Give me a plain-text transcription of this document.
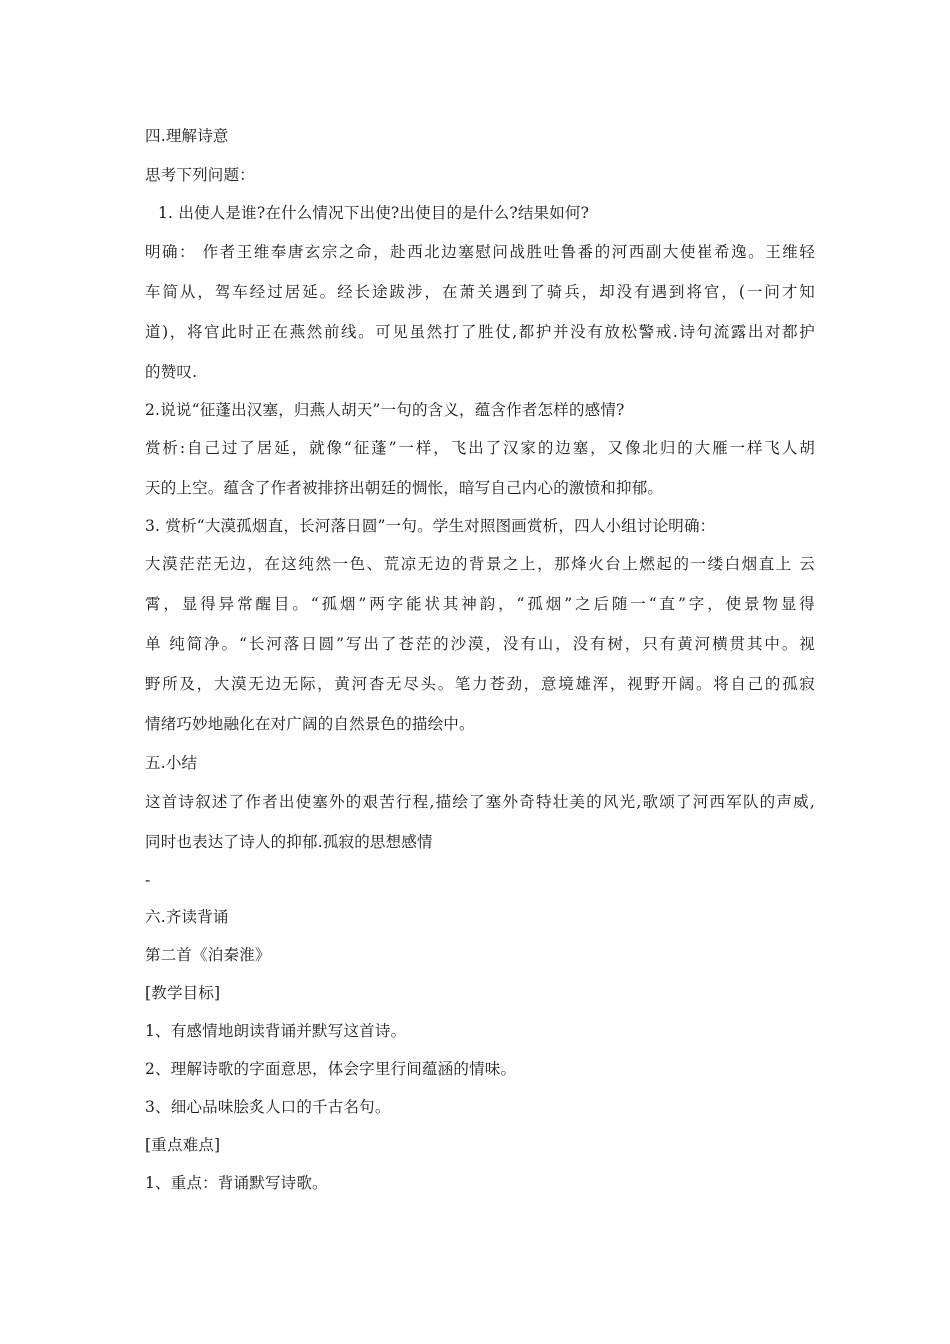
四.理解诗意
思考下列问题：
1. 出使人是谁?在什么情况下出使?出使目的是什么?结果如何?
明确： 作者王维奉唐玄宗之命，赴西北边塞慰问战胜吐鲁番的河西副大使崔希逸。王维轻
车简从，驾车经过居延。经长途跋涉，在萧关遇到了骑兵，却没有遇到将官，(一问才知
道)，将官此时正在燕然前线。可见虽然打了胜仗,都护并没有放松警戒.诗句流露出对都护
的赞叹.
2.说说“征蓬出汉塞，归燕人胡天”一句的含义，蕴含作者怎样的感情?
赏析:自己过了居延，就像“征蓬”一样，飞出了汉家的边塞，又像北归的大雁一样飞人胡
天的上空。蕴含了作者被排挤出朝廷的惆怅，暗写自己内心的激愤和抑郁。
3. 赏析“大漠孤烟直，长河落日圆”一句。学生对照图画赏析，四人小组讨论明确：
大漠茫茫无边，在这纯然一色、荒凉无边的背景之上，那烽火台上燃起的一缕白烟直上 云
霄，显得异常醒目。“孤烟”两字能状其神韵，“孤烟”之后随一“直”字，使景物显得
单 纯简净。“长河落日圆”写出了苍茫的沙漠，没有山，没有树，只有黄河横贯其中。视
野所及，大漠无边无际，黄河杳无尽头。笔力苍劲，意境雄浑，视野开阔。将自己的孤寂
情绪巧妙地融化在对广阔的自然景色的描绘中。
五.小结
这首诗叙述了作者出使塞外的艰苦行程,描绘了塞外奇特壮美的风光,歌颂了河西军队的声威,
同时也表达了诗人的抑郁.孤寂的思想感情
-
六.齐读背诵
第二首《泊秦淮》
[教学目标]
1、有感情地朗读背诵并默写这首诗。
2、理解诗歌的字面意思，体会字里行间蕴涵的情味。
3、细心品味脍炙人口的千古名句。
[重点难点]
1、重点：背诵默写诗歌。
